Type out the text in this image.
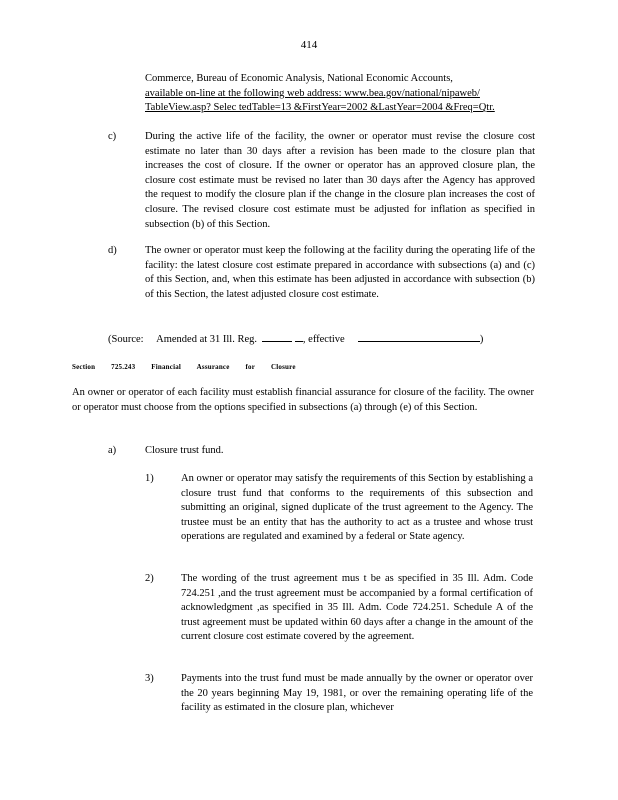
414
Commerce, Bureau of Economic Analysis, National Economic Accounts,
available on-line at the following web address: www.bea.gov/national/nipaweb/
TableView.asp? Selec tedTable=13 &FirstYear=2002 &LastYear=2004 &Freq=Qtr.
c)	During the active life of the facility, the owner or operator must revise the closure cost estimate no later than 30 days after a revision has been made to the closure plan that increases the cost of closure. If the owner or operator has an approved closure plan, the closure cost estimate must be revised no later than 30 days after the Agency has approved the request to modify the closure plan if the change in the closure plan increases the cost of closure. The revised closure cost estimate must be adjusted for inflation as specified in subsection (b) of this Section.
d)	The owner or operator must keep the following at the facility during the operating life of the facility: the latest closure cost estimate prepared in accordance with subsections (a) and (c) of this Section, and, when this estimate has been adjusted in accordance with subsection (b) of this Section, the latest adjusted closure cost estimate.
(Source: Amended at 31 Ill. Reg.	, effective	)
Section 725.243 Financial Assurance for Closure
An owner or operator of each facility must establish financial assurance for closure of the facility. The owner or operator must choose from the options specified in subsections (a) through (e) of this Section.
a)	Closure trust fund.
1)	An owner or operator may satisfy the requirements of this Section by establishing a closure trust fund that conforms to the requirements of this subsection and submitting an original, signed duplicate of the trust agreement to the Agency. The trustee must be an entity that has the authority to act as a trustee and whose trust operations are regulated and examined by a federal or State agency.
2)	The wording of the trust agreement mus t be as specified in 35 Ill. Adm. Code 724.251 ,and the trust agreement must be accompanied by a formal certification of acknowledgment ,as specified in 35 Ill. Adm. Code 724.251. Schedule A of the trust agreement must be updated within 60 days after a change in the amount of the current closure cost estimate covered by the agreement.
3)	Payments into the trust fund must be made annually by the owner or operator over the 20 years beginning May 19, 1981, or over the remaining operating life of the facility as estimated in the closure plan, whichever
